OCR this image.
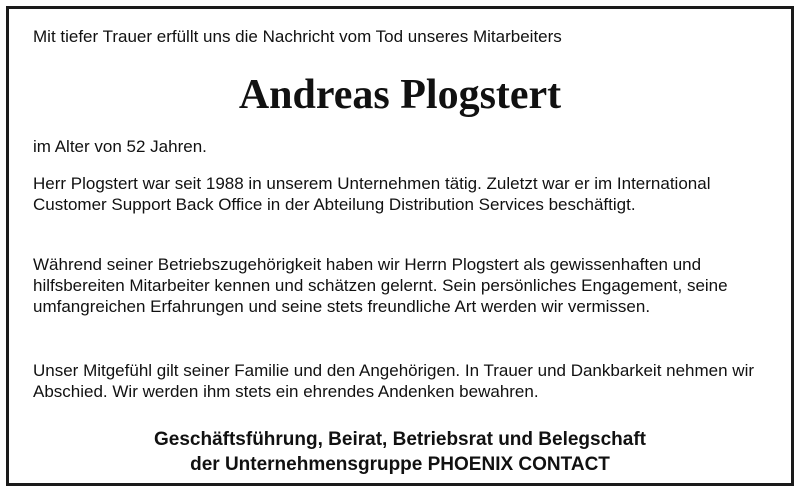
Mit tiefer Trauer erfüllt uns die Nachricht vom Tod unseres Mitarbeiters

Andreas Plogstert

im Alter von 52 Jahren.

Herr Plogstert war seit 1988 in unserem Unternehmen tätig. Zuletzt war er im International Customer Support Back Office in der Abteilung Distribution Services beschäftigt.

Während seiner Betriebszugehörigkeit haben wir Herrn Plogstert als gewissenhaften und hilfsbereiten Mitarbeiter kennen und schätzen gelernt. Sein persönliches Engagement, seine umfangreichen Erfahrungen und seine stets freundliche Art werden wir vermissen.

Unser Mitgefühl gilt seiner Familie und den Angehörigen. In Trauer und Dankbarkeit nehmen wir Abschied. Wir werden ihm stets ein ehrendes Andenken bewahren.

Geschäftsführung, Beirat, Betriebsrat und Belegschaft

der Unternehmensgruppe PHOENIX CONTACT
